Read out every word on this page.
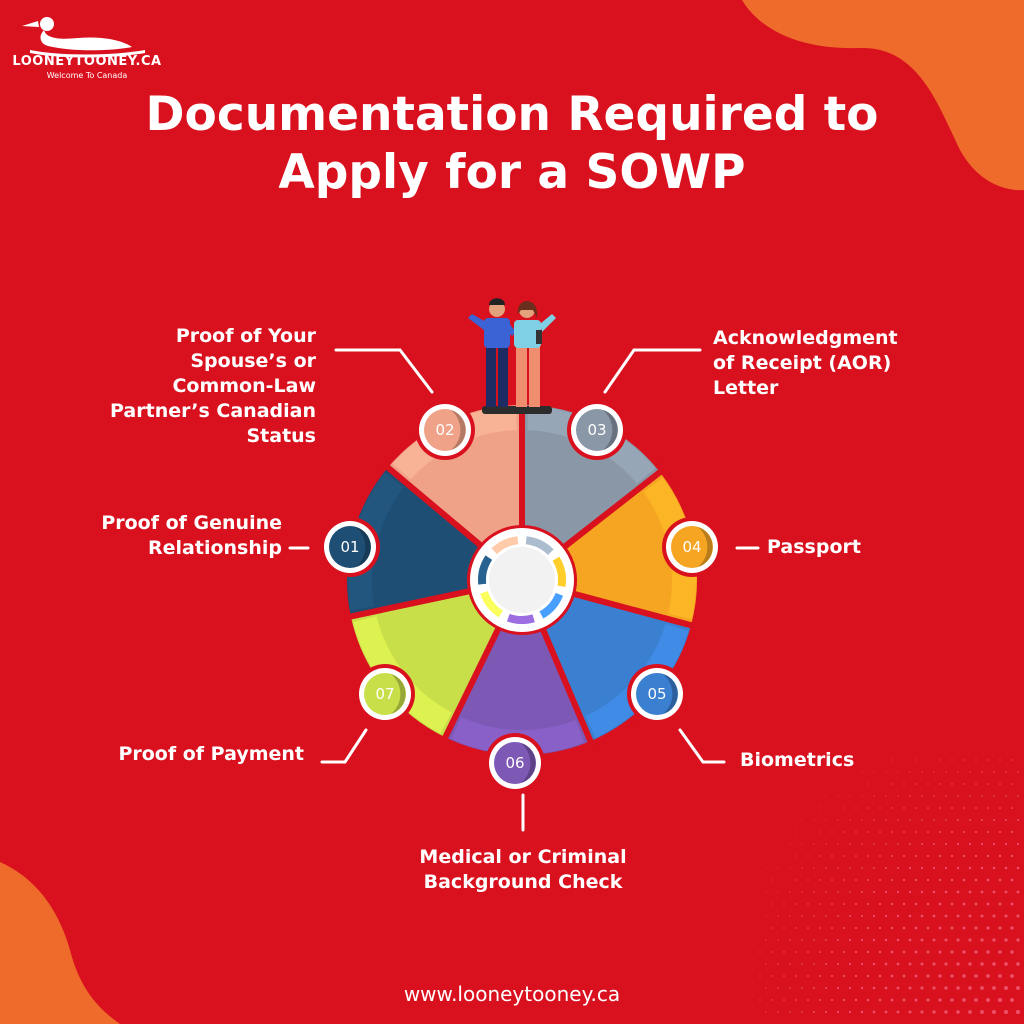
01
02	03
04
05
06
07
LOONEYTOONEY.CA
Welcome To Canada
Documentation Required to
Apply for a SOWP

Proof of Your
Spouse’s or
Common-Law
Partner’s Canadian
Status

Acknowledgment
of Receipt (AOR)
Letter

Proof of Genuine
Relationship	Passport

Biometrics

Medical or Criminal
Background Check

Proof of Payment

www.looneytooney.ca
